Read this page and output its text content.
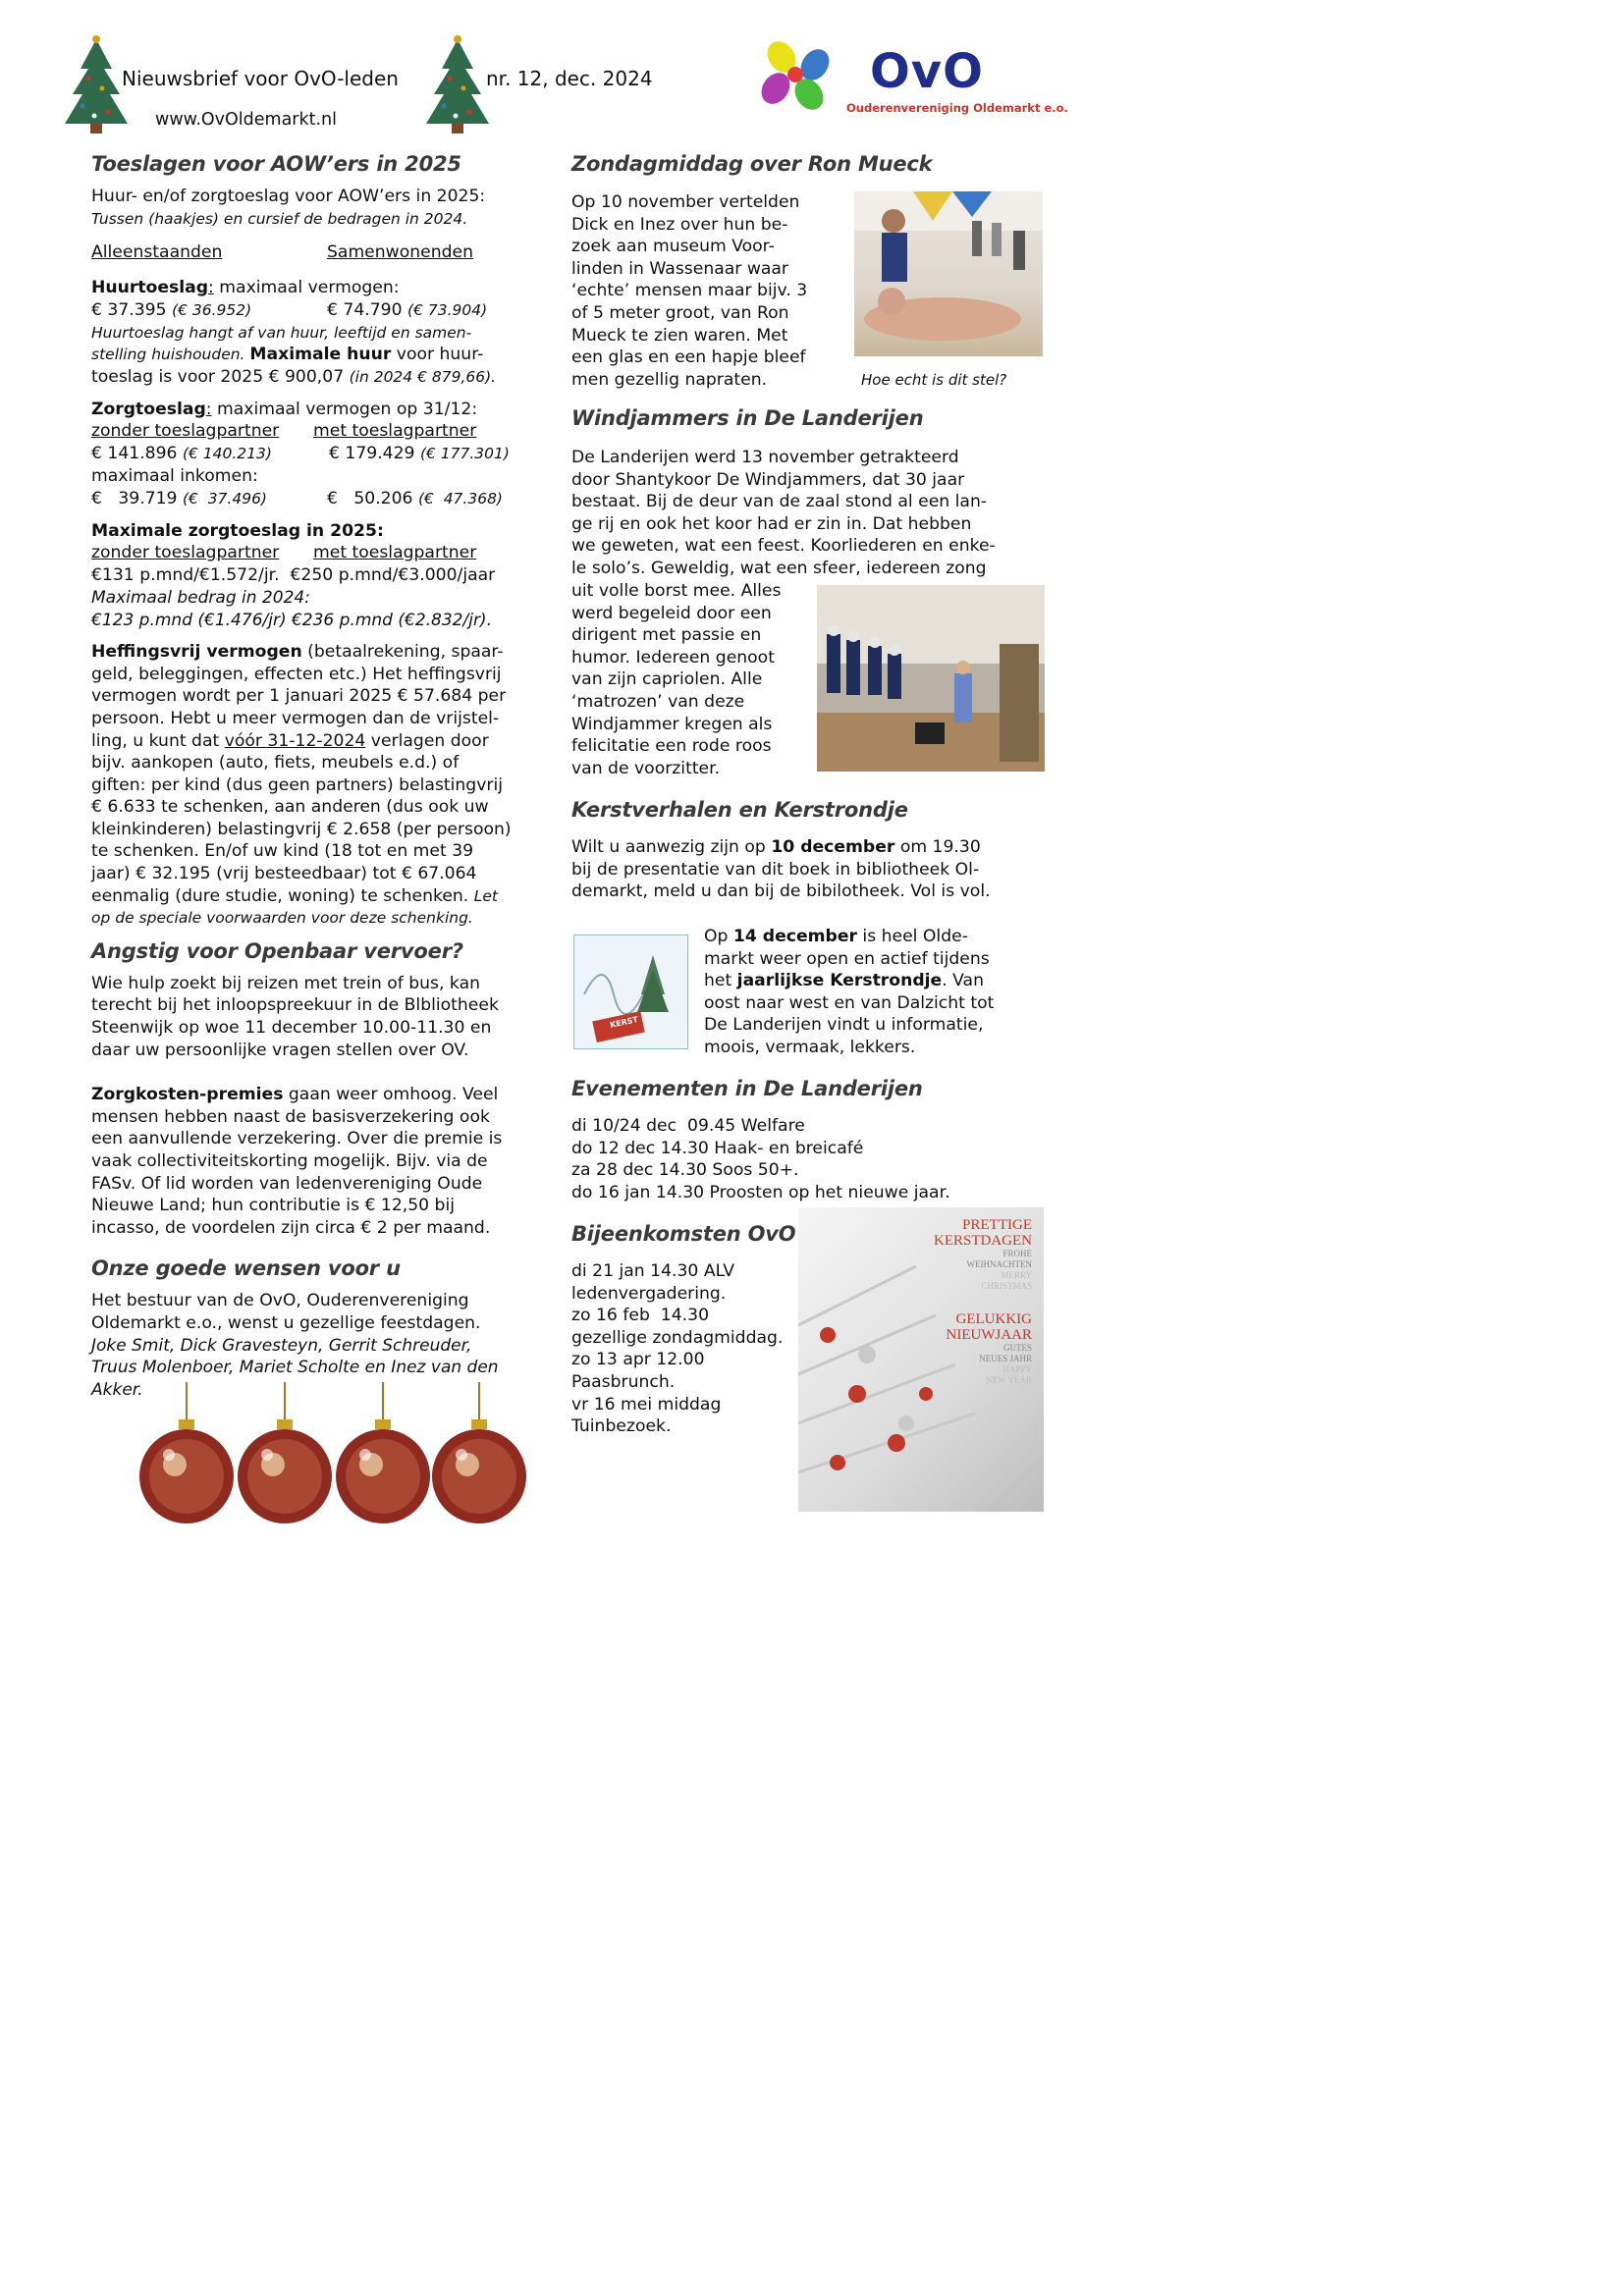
Nieuwsbrief voor OvO-leden	nr. 12, dec. 2024
www.OvOldemarkt.nl
OvO
Ouderenvereniging Oldemarkt e.o.
Toeslagen voor AOW’ers in 2025
Huur- en/of zorgtoeslag voor AOW’ers in 2025:
Tussen (haakjes) en cursief de bedragen in 2024.
Alleenstaanden	Samenwonenden
Huurtoeslag: maximaal vermogen:
€ 37.395 (€ 36.952)	€ 74.790 (€ 73.904)
Huurtoeslag hangt af van huur, leeftijd en samen-
stelling huishouden. Maximale huur voor huur-
toeslag is voor 2025 € 900,07 (in 2024 € 879,66).
Zorgtoeslag: maximaal vermogen op 31/12:
zonder toeslagpartner met toeslagpartner
€ 141.896 (€ 140.213)	€ 179.429 (€ 177.301)
maximaal inkomen:
€   39.719 (€  37.496)	€   50.206 (€  47.368)
Maximale zorgtoeslag in 2025:
zonder toeslagpartner met toeslagpartner
€131 p.mnd/€1.572/jr.  €250 p.mnd/€3.000/jaar
Maximaal bedrag in 2024:
€123 p.mnd (€1.476/jr) €236 p.mnd (€2.832/jr).
Heffingsvrij vermogen (betaalrekening, spaar-
geld, beleggingen, effecten etc.) Het heffingsvrij
vermogen wordt per 1 januari 2025 € 57.684 per
persoon. Hebt u meer vermogen dan de vrijstel-
ling, u kunt dat vóór 31-12-2024 verlagen door
bijv. aankopen (auto, fiets, meubels e.d.) of
giften: per kind (dus geen partners) belastingvrij
€ 6.633 te schenken, aan anderen (dus ook uw
kleinkinderen) belastingvrij € 2.658 (per persoon)
te schenken. En/of uw kind (18 tot en met 39
jaar) € 32.195 (vrij besteedbaar) tot € 67.064
eenmalig (dure studie, woning) te schenken. Let
op de speciale voorwaarden voor deze schenking.
Angstig voor Openbaar vervoer?
Wie hulp zoekt bij reizen met trein of bus, kan
terecht bij het inloopspreekuur in de Blbliotheek
Steenwijk op woe 11 december 10.00-11.30 en
daar uw persoonlijke vragen stellen over OV.
Zorgkosten-premies gaan weer omhoog. Veel
mensen hebben naast de basisverzekering ook
een aanvullende verzekering. Over die premie is
vaak collectiviteitskorting mogelijk. Bijv. via de
FASv. Of lid worden van ledenvereniging Oude
Nieuwe Land; hun contributie is € 12,50 bij
incasso, de voordelen zijn circa € 2 per maand.
Onze goede wensen voor u
Het bestuur van de OvO, Ouderenvereniging
Oldemarkt e.o., wenst u gezellige feestdagen.
Joke Smit, Dick Gravesteyn, Gerrit Schreuder,
Truus Molenboer, Mariet Scholte en Inez van den
Akker.
Zondagmiddag over Ron Mueck
Op 10 november vertelden
Dick en Inez over hun be-
zoek aan museum Voor-
linden in Wassenaar waar
‘echte’ mensen maar bijv. 3
of 5 meter groot, van Ron
Mueck te zien waren. Met
een glas en een hapje bleef
men gezellig napraten.	Hoe echt is dit stel?
Windjammers in De Landerijen
De Landerijen werd 13 november getrakteerd
door Shantykoor De Windjammers, dat 30 jaar
bestaat. Bij de deur van de zaal stond al een lan-
ge rij en ook het koor had er zin in. Dat hebben
we geweten, wat een feest. Koorliederen en enke-
le solo’s. Geweldig, wat een sfeer, iedereen zong
uit volle borst mee. Alles
werd begeleid door een
dirigent met passie en
humor. Iedereen genoot
van zijn capriolen. Alle
‘matrozen’ van deze
Windjammer kregen als
felicitatie een rode roos
van de voorzitter.
Kerstverhalen en Kerstrondje
Wilt u aanwezig zijn op 10 december om 19.30
bij de presentatie van dit boek in bibliotheek Ol-
demarkt, meld u dan bij de bibilotheek. Vol is vol.
KERST
Op 14 december is heel Olde-
markt weer open en actief tijdens
het jaarlijkse Kerstrondje. Van
oost naar west en van Dalzicht tot
De Landerijen vindt u informatie,
moois, vermaak, lekkers.
Evenementen in De Landerijen
di 10/24 dec  09.45 Welfare
do 12 dec 14.30 Haak- en breicafé
za 28 dec 14.30 Soos 50+.
do 16 jan 14.30 Proosten op het nieuwe jaar.
Bijeenkomsten OvO
di 21 jan 14.30 ALV
ledenvergadering.
zo 16 feb  14.30
gezellige zondagmiddag.
zo 13 apr 12.00
Paasbrunch.
vr 16 mei middag
Tuinbezoek.
PRETTIGE
KERSTDAGEN
FROHE
WEIHNACHTEN
MERRY
CHRISTMAS
GELUKKIG
NIEUWJAAR
GUTES
NEUES JAHR
HAPPY
NEW YEAR
